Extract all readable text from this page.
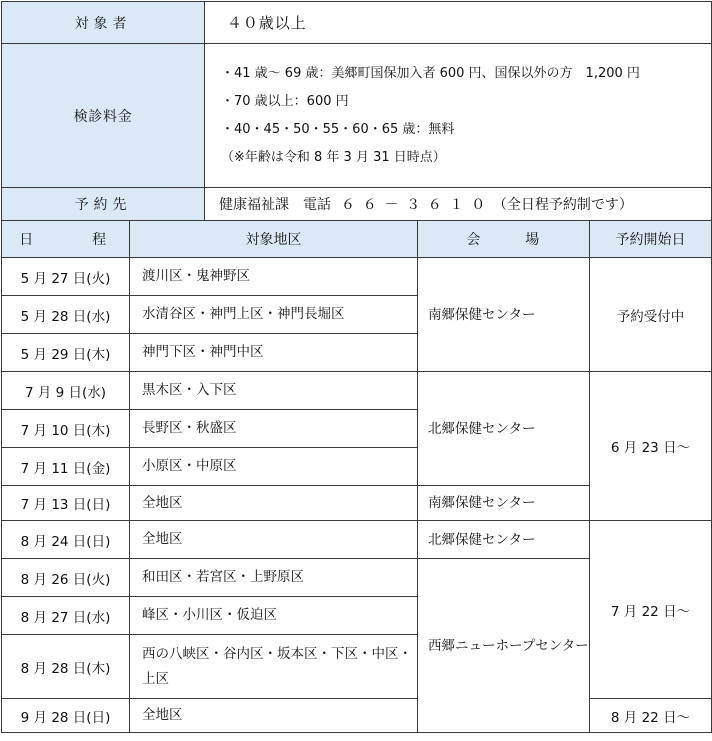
対象者		４０歳以上		
検診料金		・41 歳～ 69 歳：美郷町国保加入者 600 円、国保以外の方　1,200 円
・70 歳以上：600 円
・40・45・50・55・60・65 歳：無料
（※年齢は令和 8 年 3 月 31 日時点）		

予約先		健康福祉課　電話 ６６－３６１０（全日程予約制です）		
日　程	対象地区		会　場	予約開始日
5 月 27 日(火)	渡川区・鬼神野区		南郷保健センター	予約受付中
5 月 28 日(水)	水清谷区・神門上区・神門長堀区			
5 月 29 日(木)	神門下区・神門中区			
7 月 9 日(水)	黒木区・入下区		北郷保健センター	6 月 23 日～
7 月 10 日(木)	長野区・秋盛区			
7 月 11 日(金)	小原区・中原区			
7 月 13 日(日)	全地区		南郷保健センター	
8 月 24 日(日)	全地区		北郷保健センター	7 月 22 日～
8 月 26 日(火)	和田区・若宮区・上野原区		西郷ニューホープセンター	
8 月 27 日(水)	峰区・小川区・仮迫区			
8 月 28 日(木)	西の八峡区・谷内区・坂本区・下区・中区・上区			
9 月 28 日(日)	全地区			8 月 22 日～
